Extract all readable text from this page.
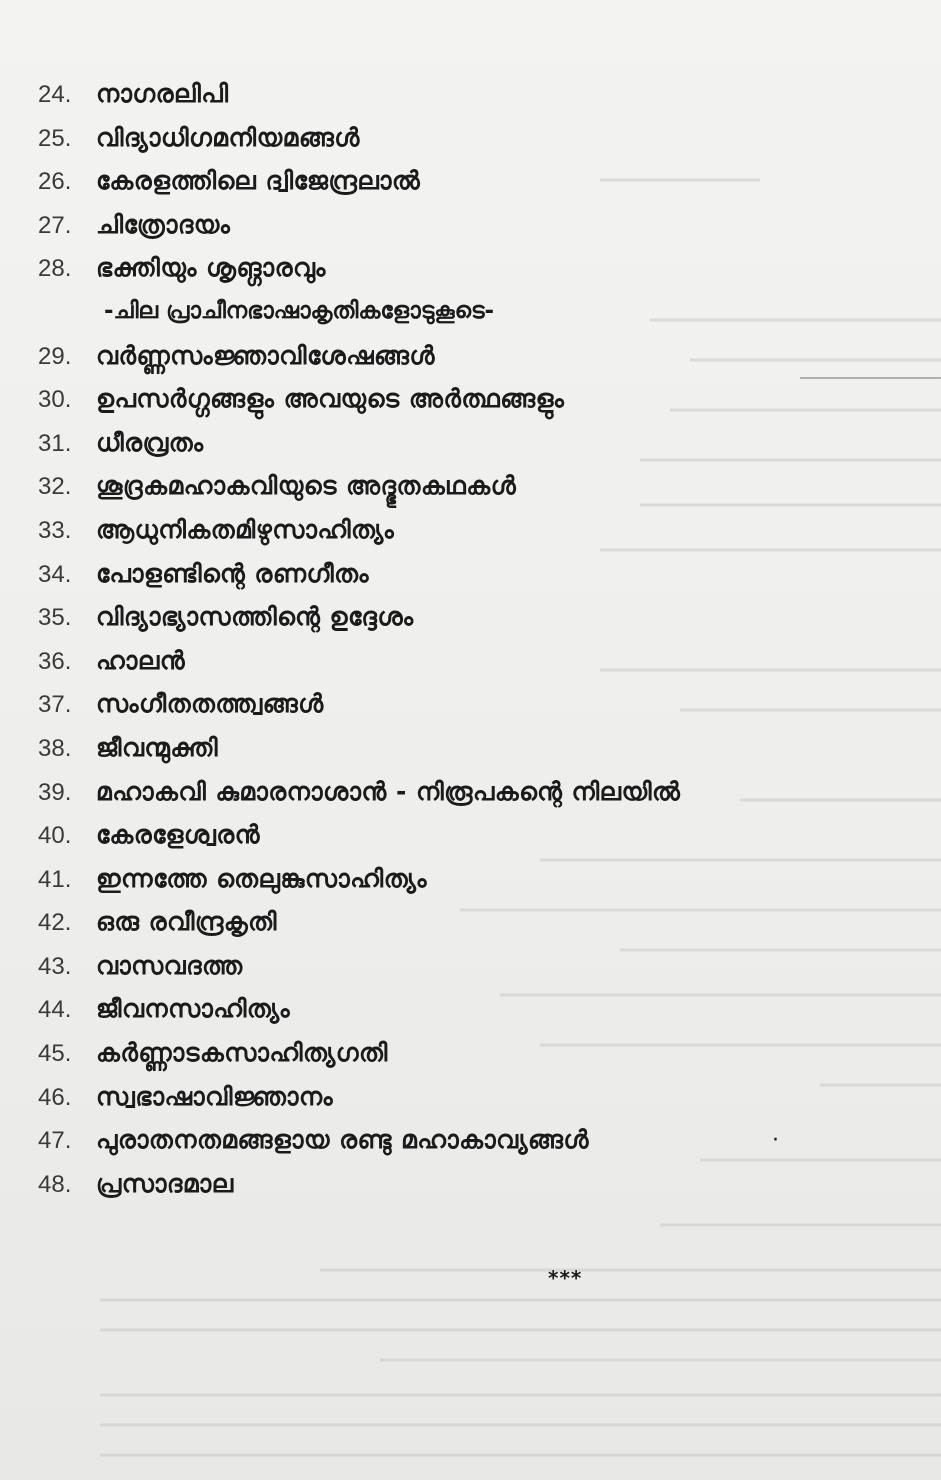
24. നാഗരലിപി
25. വിദ്യാധിഗമനിയമങ്ങൾ
26. കേരളത്തിലെ ദ്വിജേന്ദ്രലാൽ
27. ചിത്രോദയം
28. ഭക്തിയും ശൃങ്ഗാരവും
-ചില പ്രാചീനഭാഷാകൃതികളോടുകൂടെ-
29. വർണ്ണസംജ്ഞാവിശേഷങ്ങൾ
30. ഉപസർഗ്ഗങ്ങളും അവയുടെ അർത്ഥങ്ങളും
31. ധീരവ്രതം
32. ശൂദ്രകമഹാകവിയുടെ അദ്ഭുതകഥകൾ
33. ആധുനികതമിഴുസാഹിത്യം
34. പോളണ്ടിന്റെ രണഗീതം
35. വിദ്യാഭ്യാസത്തിന്റെ ഉദ്ദേശം
36. ഹാലൻ
37. സംഗീതതത്ത്വങ്ങൾ
38. ജീവന്മുക്തി
39. മഹാകവി കുമാരനാശാൻ - നിരൂപകന്റെ നിലയിൽ
40. കേരളേശ്വരൻ
41. ഇന്നത്തേ തെലുങ്കുസാഹിത്യം
42. ഒരു രവീന്ദ്രകൃതി
43. വാസവദത്ത
44. ജീവനസാഹിത്യം
45. കർണ്ണാടകസാഹിത്യഗതി
46. സ്വഭാഷാവിജ്ഞാനം
47. പുരാതനതമങ്ങളായ രണ്ടു മഹാകാവ്യങ്ങൾ
48. പ്രസാദമാല
·
***
